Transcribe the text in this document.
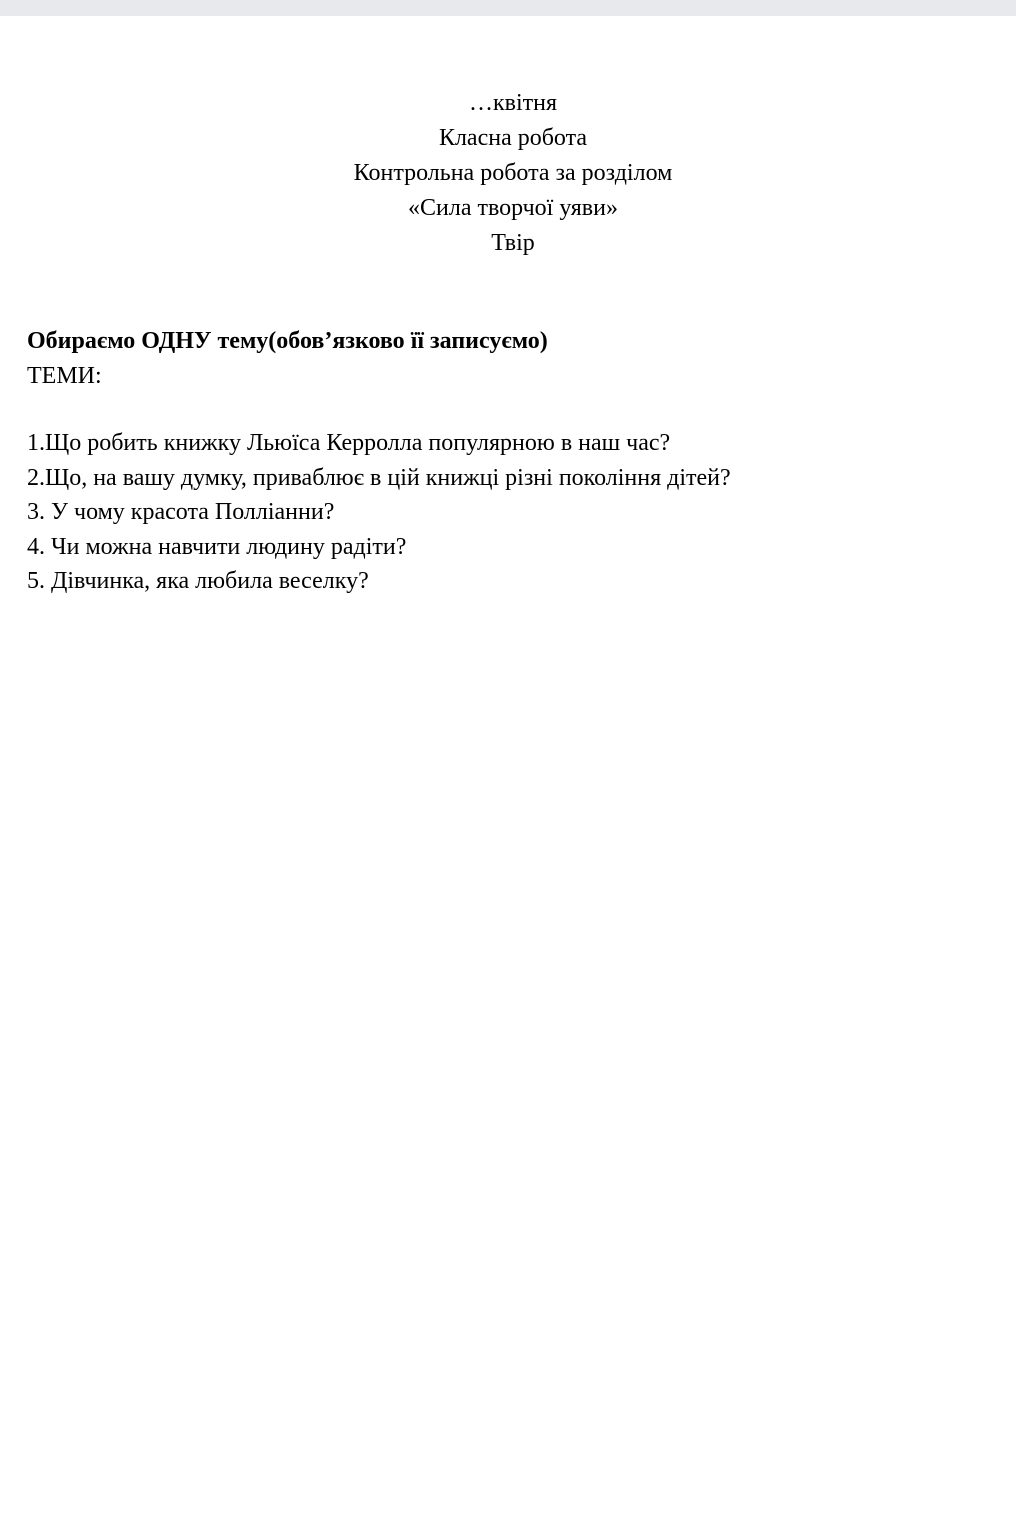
…квітня
Класна робота
Контрольна робота за розділом
«Сила творчої уяви»
Твір
Обираємо ОДНУ тему(обов’язково її записуємо)
ТЕМИ:
1.Що робить книжку Льюїса Керролла популярною в наш час?
2.Що, на вашу думку, приваблює в цій книжці різні покоління дітей?
3. У чому красота Полліанни?
4. Чи можна навчити людину радіти?
5. Дівчинка, яка любила веселку?
